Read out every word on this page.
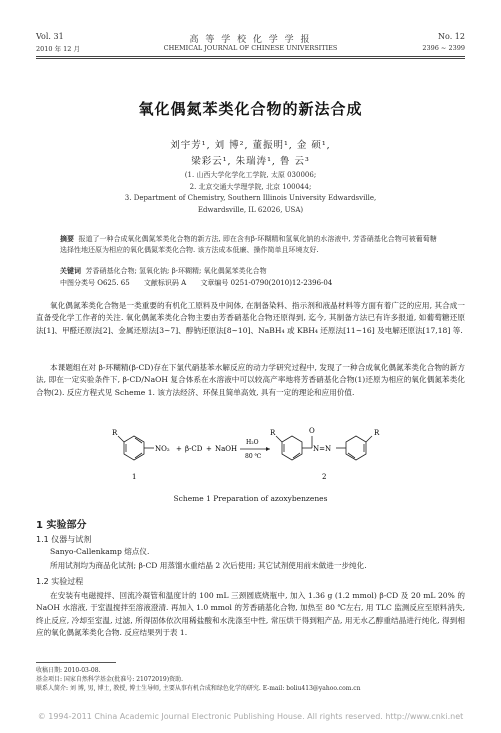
Vol. 31	高 等 学 校 化 学 学 报	No. 12
2010 年 12 月	CHEMICAL JOURNAL OF CHINESE UNIVERSITIES	2396 ~ 2399
氧化偶氮苯类化合物的新法合成
刘宇芳¹, 刘 博², 董振明¹, 金 硕¹,
梁彩云¹, 朱瑞涛¹, 鲁 云³
(1. 山西大学化学化工学院, 太原 030006;
2. 北京交通大学理学院, 北京 100044;
3. Department of Chemistry, Southern Illinois University Edwardsville,
Edwardsville, IL 62026, USA)
摘要 报道了一种合成氧化偶氮苯类化合物的新方法, 即在含有β-环糊精和氢氧化钠的水溶液中, 芳香硝基化合物可被葡萄糖选择性地还原为相应的氧化偶氮苯类化合物. 该方法成本低廉、操作简单且环境友好.
关键词 芳香硝基化合物; 氢氧化钠; β-环糊精; 氧化偶氮苯类化合物
中图分类号 O625. 65 文献标识码 A 文章编号 0251-0790(2010)12-2396-04
氧化偶氮苯类化合物是一类重要的有机化工原料及中间体, 在制备染料、指示剂和液晶材料等方面有着广泛的应用, 其合成一直备受化学工作者的关注. 氧化偶氮苯类化合物主要由芳香硝基化合物还原得到, 迄今, 其制备方法已有许多报道, 如葡萄糖还原法[1]、甲醛还原法[2]、金属还原法[3~7]、醇钠还原法[8~10]、NaBH₄ 或 KBH₄ 还原法[11~16] 及电解还原法[17,18] 等.
本课题组在对 β-环糊精(β-CD)存在下氯代硝基苯水解反应的动力学研究过程中, 发现了一种合成氧化偶氮苯类化合物的新方法, 即在一定实验条件下, β-CD/NaOH 复合体系在水溶液中可以较高产率地将芳香硝基化合物(1)还原为相应的氧化偶氮苯类化合物(2). 反应方程式见 Scheme 1. 该方法经济、环保且简单高效, 具有一定的理论和应用价值.
R
NO₂ + β-CD + NaOH
H₂O
80 ℃
R	O
N=N
R
1	2
Scheme 1 Preparation of azoxybenzenes
1 实验部分
1.1 仪器与试剂
Sanyo-Callenkamp 熔点仪.
所用试剂均为商品化试剂; β-CD 用蒸馏水重结晶 2 次后使用; 其它试剂使用前未做进一步纯化.
1.2 实验过程
在安装有电磁搅拌、回流冷凝管和温度计的 100 mL 三颈圆底烧瓶中, 加入 1.36 g (1.2 mmol) β-CD 及 20 mL 20% 的 NaOH 水溶液, 于室温搅拌至溶液澄清. 再加入 1.0 mmol 的芳香硝基化合物, 加热至 80 ℃左右, 用 TLC 监测反应至原料消失, 终止反应, 冷却至室温, 过滤, 所得固体依次用稀盐酸和水洗涤至中性, 常压烘干得到粗产品, 用无水乙醇重结晶进行纯化, 得到相应的氧化偶氮苯类化合物. 反应结果列于表 1.
收稿日期: 2010-03-08.
基金项目: 国家自然科学基金(批准号: 21072019)资助.
联系人简介: 刘 博, 男, 博士, 教授, 博士生导师, 主要从事有机合成和绿色化学的研究. E-mail: boliu413@yahoo.com.cn
© 1994-2011 China Academic Journal Electronic Publishing House. All rights reserved. http://www.cnki.net
